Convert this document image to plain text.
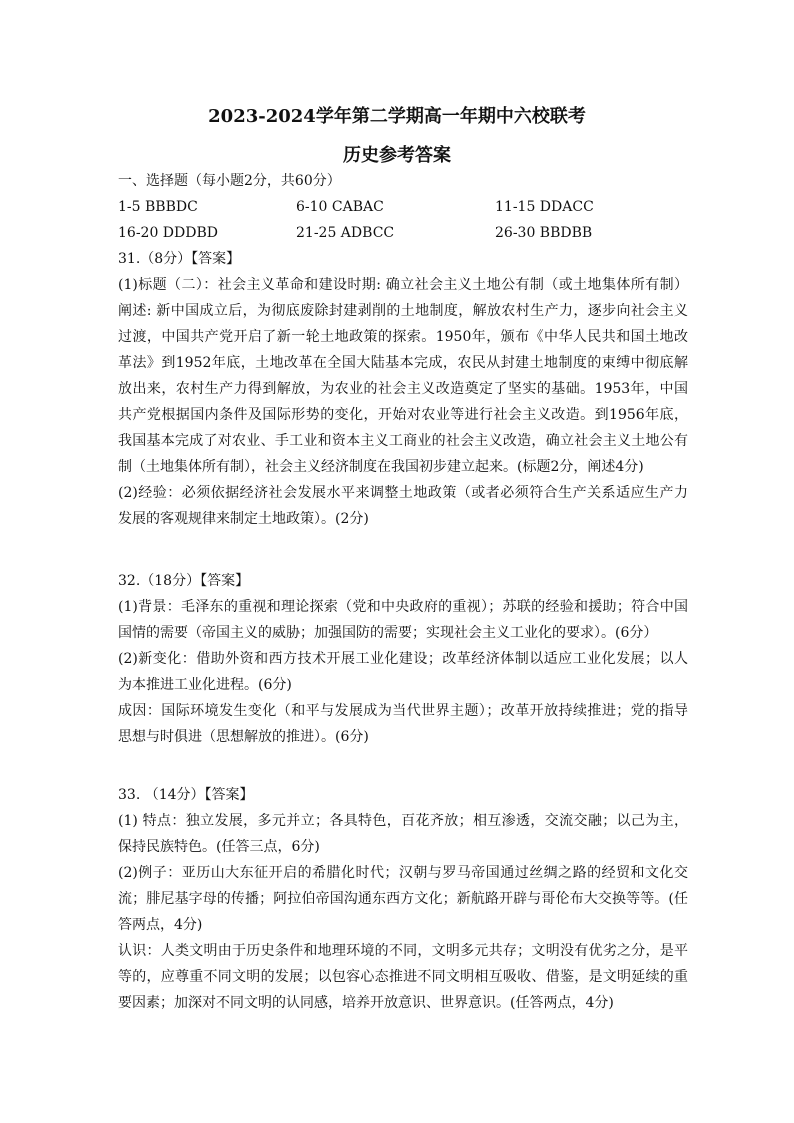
2023-2024学年第二学期高一年期中六校联考
历史参考答案

一、选择题（每小题2分，共60分）

1-5 BBBDC	6-10 CABAC	11-15 DDACC
16-20 DDDBD	21-25 ADBCC	26-30 BBDBB

31.（8分）【答案】

(1)标题（二）：社会主义革命和建设时期: 确立社会主义土地公有制（或土地集体所有制）

阐述: 新中国成立后，为彻底废除封建剥削的土地制度，解放农村生产力，逐步向社会主义

过渡，中国共产党开启了新一轮土地政策的探索。1950年，颁布《中华人民共和国土地改

革法》到1952年底，土地改革在全国大陆基本完成，农民从封建土地制度的束缚中彻底解

放出来，农村生产力得到解放，为农业的社会主义改造奠定了坚实的基础。1953年，中国

共产党根据国内条件及国际形势的变化，开始对农业等进行社会主义改造。到1956年底，

我国基本完成了对农业、手工业和资本主义工商业的社会主义改造，确立社会主义土地公有

制（土地集体所有制），社会主义经济制度在我国初步建立起来。(标题2分，阐述4分)

(2)经验：必须依据经济社会发展水平来调整土地政策（或者必须符合生产关系适应生产力

发展的客观规律来制定土地政策）。(2分)

32.（18分）【答案】

(1)背景：毛泽东的重视和理论探索（党和中央政府的重视）；苏联的经验和援助；符合中国

国情的需要（帝国主义的威胁；加强国防的需要；实现社会主义工业化的要求）。(6分）

(2)新变化：借助外资和西方技术开展工业化建设；改革经济体制以适应工业化发展；以人

为本推进工业化进程。(6分)

成因：国际环境发生变化（和平与发展成为当代世界主题）；改革开放持续推进；党的指导

思想与时俱进（思想解放的推进）。(6分)

33. （14分）【答案】

(1) 特点：独立发展，多元并立；各具特色，百花齐放；相互渗透，交流交融；以己为主，

保持民族特色。(任答三点，6分)

(2)例子：亚历山大东征开启的希腊化时代；汉朝与罗马帝国通过丝绸之路的经贸和文化交

流；腓尼基字母的传播；阿拉伯帝国沟通东西方文化；新航路开辟与哥伦布大交换等等。(任

答两点，4分)

认识：人类文明由于历史条件和地理环境的不同，文明多元共存；文明没有优劣之分，是平

等的，应尊重不同文明的发展；以包容心态推进不同文明相互吸收、借鉴，是文明延续的重

要因素；加深对不同文明的认同感，培养开放意识、世界意识。(任答两点，4分)
